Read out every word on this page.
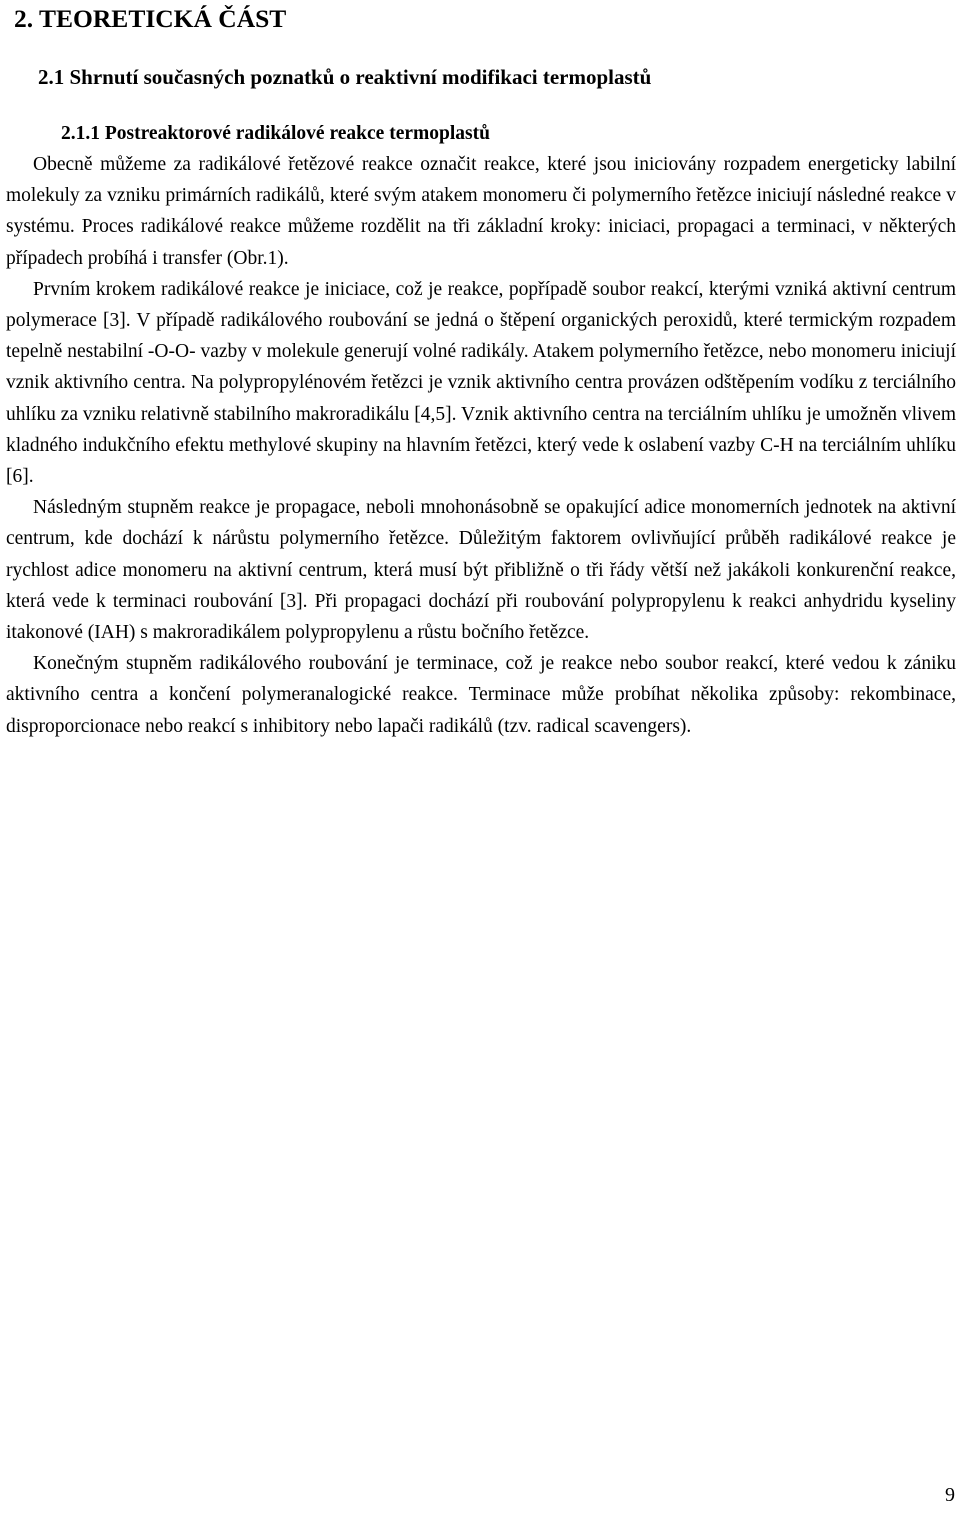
2. TEORETICKÁ ČÁST
2.1 Shrnutí současných poznatků o reaktivní modifikaci termoplastů
2.1.1 Postreaktorové radikálové reakce termoplastů

Obecně můžeme za radikálové řetězové reakce označit reakce, které jsou iniciovány rozpadem energeticky labilní molekuly za vzniku primárních radikálů, které svým atakem monomeru či polymerního řetězce iniciují následné reakce v systému. Proces radikálové reakce můžeme rozdělit na tři základní kroky: iniciaci, propagaci a terminaci, v některých případech probíhá i transfer (Obr.1).

Prvním krokem radikálové reakce je iniciace, což je reakce, popřípadě soubor reakcí, kterými vzniká aktivní centrum polymerace [3]. V případě radikálového roubování se jedná o štěpení organických peroxidů, které termickým rozpadem tepelně nestabilní -O-O- vazby v molekule generují volné radikály. Atakem polymerního řetězce, nebo monomeru iniciují vznik aktivního centra. Na polypropylénovém řetězci je vznik aktivního centra provázen odštěpením vodíku z terciálního uhlíku za vzniku relativně stabilního makroradikálu [4,5]. Vznik aktivního centra na terciálním uhlíku je umožněn vlivem kladného indukčního efektu methylové skupiny na hlavním řetězci, který vede k oslabení vazby C-H na terciálním uhlíku [6].

Následným stupněm reakce je propagace, neboli mnohonásobně se opakující adice monomerních jednotek na aktivní centrum, kde dochází k nárůstu polymerního řetězce. Důležitým faktorem ovlivňující průběh radikálové reakce je rychlost adice monomeru na aktivní centrum, která musí být přibližně o tři řády větší než jakákoli konkurenční reakce, která vede k terminaci roubování [3]. Při propagaci dochází při roubování polypropylenu k reakci anhydridu kyseliny itakonové (IAH) s makroradikálem polypropylenu a růstu bočního řetězce.

Konečným stupněm radikálového roubování je terminace, což je reakce nebo soubor reakcí, které vedou k zániku aktivního centra a končení polymeranalogické reakce. Terminace může probíhat několika způsoby: rekombinace, disproporcionace nebo reakcí s inhibitory nebo lapači radikálů (tzv. radical scavengers).

9
